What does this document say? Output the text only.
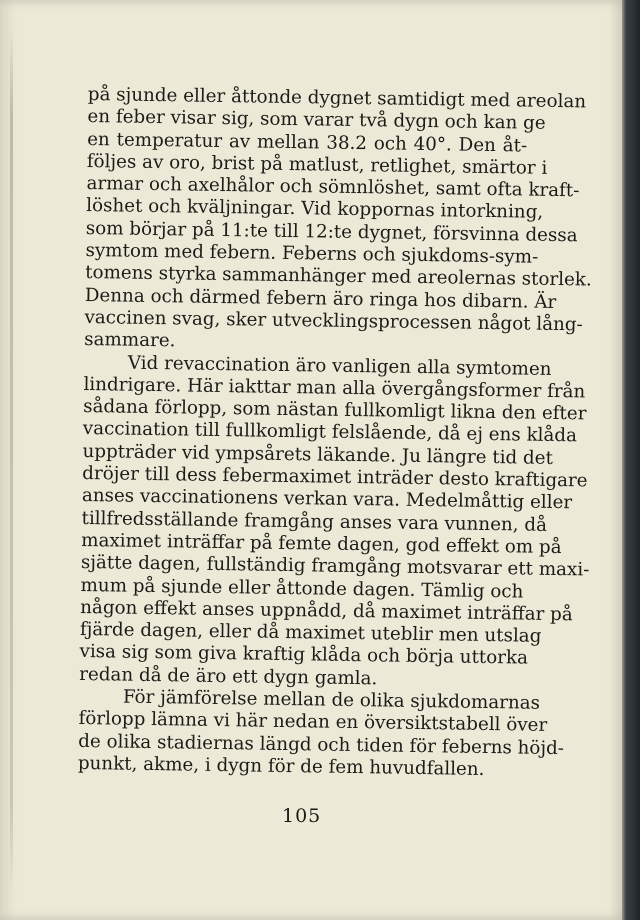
på sjunde eller åttonde dygnet samtidigt med areolan
en feber visar sig, som varar två dygn och kan ge
en temperatur av mellan 38.2 och 40°. Den åt-
följes av oro, brist på matlust, retlighet, smärtor i
armar och axelhålor och sömnlöshet, samt ofta kraft-
löshet och kväljningar. Vid koppornas intorkning,
som börjar på 11:te till 12:te dygnet, försvinna dessa
symtom med febern. Feberns och sjukdoms-sym-
tomens styrka sammanhänger med areolernas storlek.
Denna och därmed febern äro ringa hos dibarn. Är
vaccinen svag, sker utvecklingsprocessen något lång-
sammare.
Vid revaccination äro vanligen alla symtomen
lindrigare. Här iakttar man alla övergångsformer från
sådana förlopp, som nästan fullkomligt likna den efter
vaccination till fullkomligt felslående, då ej ens klåda
uppträder vid ympsårets läkande. Ju längre tid det
dröjer till dess febermaximet inträder desto kraftigare
anses vaccinationens verkan vara. Medelmåttig eller
tillfredsställande framgång anses vara vunnen, då
maximet inträffar på femte dagen, god effekt om på
sjätte dagen, fullständig framgång motsvarar ett maxi-
mum på sjunde eller åttonde dagen. Tämlig och
någon effekt anses uppnådd, då maximet inträffar på
fjärde dagen, eller då maximet uteblir men utslag
visa sig som giva kraftig klåda och börja uttorka
redan då de äro ett dygn gamla.
För jämförelse mellan de olika sjukdomarnas
förlopp lämna vi här nedan en översiktstabell över
de olika stadiernas längd och tiden för feberns höjd-
punkt, akme, i dygn för de fem huvudfallen.
105
